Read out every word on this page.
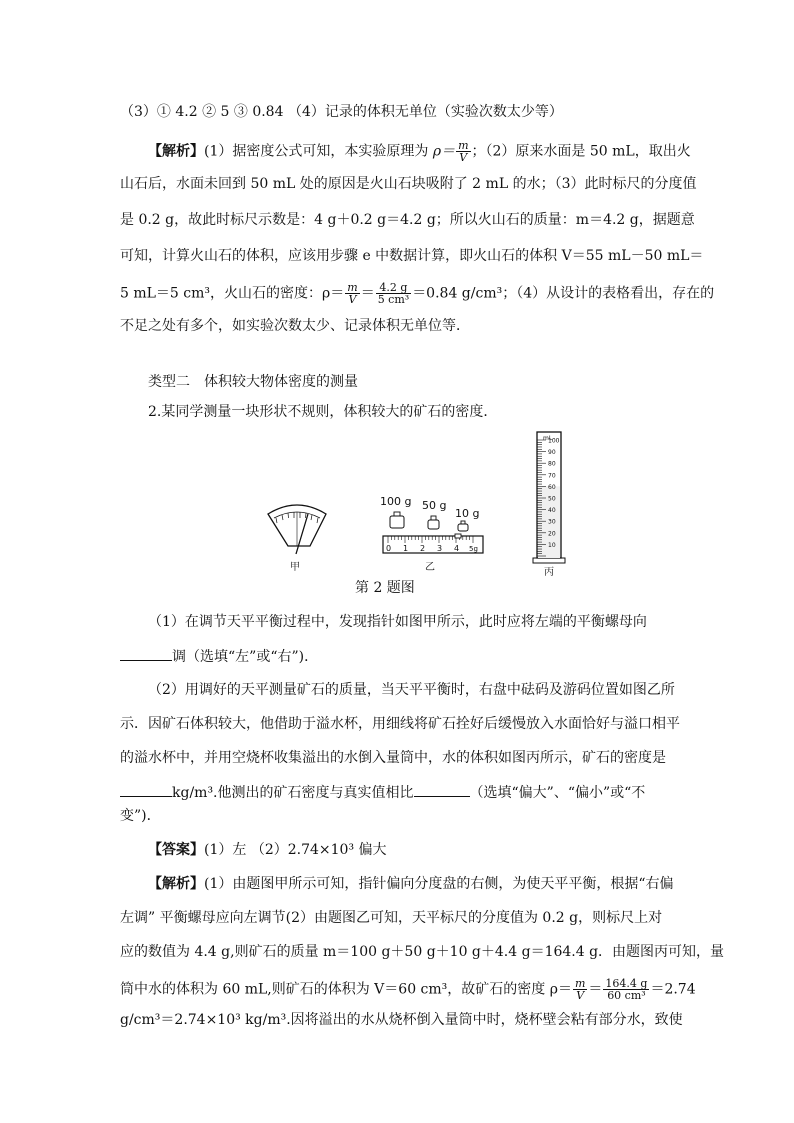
（3）① 4.2 ② 5 ③ 0.84 （4）记录的体积无单位（实验次数太少等）
【解析】(1）据密度公式可知，本实验原理为 $\rho= \frac{m}{V}$ ；（2）原来水面是 50 mL，取出火
山石后，水面未回到 50 mL 处的原因是火山石块吸附了 2 mL 的水；（3）此时标尺的分度值
是 0.2 g，故此时标尺示数是：4 g＋0.2 g＝4.2 g；所以火山石的质量：m＝4.2 g，据题意
可知，计算火山石的体积，应该用步骤 e 中数据计算，即火山石的体积 V＝55 mL－50 mL＝
5 mL＝5 cm³，火山石的密度：$\rho= \frac{m}{V} = \frac{4.2 g}{\text{5 cm³}} =0.84$ g/cm³；（4）从设计的表格看出，存在的
不足之处有多个，如实验次数太少、记录体积无单位等．
类型二　体积较大物体密度的测量
2.某同学测量一块形状不规则，体积较大的矿石的密度．
甲
100 g 50 g
10 g
0 1 2 3 4 5g
乙
100
90
80
70
60
50
40
30
20
10
mL
丙
第 2 题图
（1）在调节天平平衡过程中，发现指针如图甲所示，此时应将左端的平衡螺母向
调（选填“左”或“右”)．
（2）用调好的天平测量矿石的质量，当天平平衡时，右盘中砝码及游码位置如图乙所
示．因矿石体积较大，他借助于溢水杯，用细线将矿石拴好后缓慢放入水面恰好与溢口相平
的溢水杯中，并用空烧杯收集溢出的水倒入量筒中，水的体积如图丙所示，矿石的密度是
kg/m³.他测出的矿石密度与真实值相比	（选填“偏大”、“偏小”或“不
变”)．
【答案】(1）左 （2）2.74×10³ 偏大
【解析】(1）由题图甲所示可知，指针偏向分度盘的右侧，为使天平平衡，根据“右偏
左调” 平衡螺母应向左调节(2）由题图乙可知，天平标尺的分度值为 0.2 g，则标尺上对
应的数值为 4.4 g,则矿石的质量 m＝100 g＋50 g＋10 g＋4.4 g＝164.4 g．由题图丙可知，量
筒中水的体积为 60 mL,则矿石的体积为 V＝60 cm³，故矿石的密度 $\rho= \frac{m}{V} = \frac{164.4 g}{\text{60 cm³}} =2.74$
g/cm³＝2.74×10³ kg/m³.因将溢出的水从烧杯倒入量筒中时，烧杯壁会粘有部分水，致使
